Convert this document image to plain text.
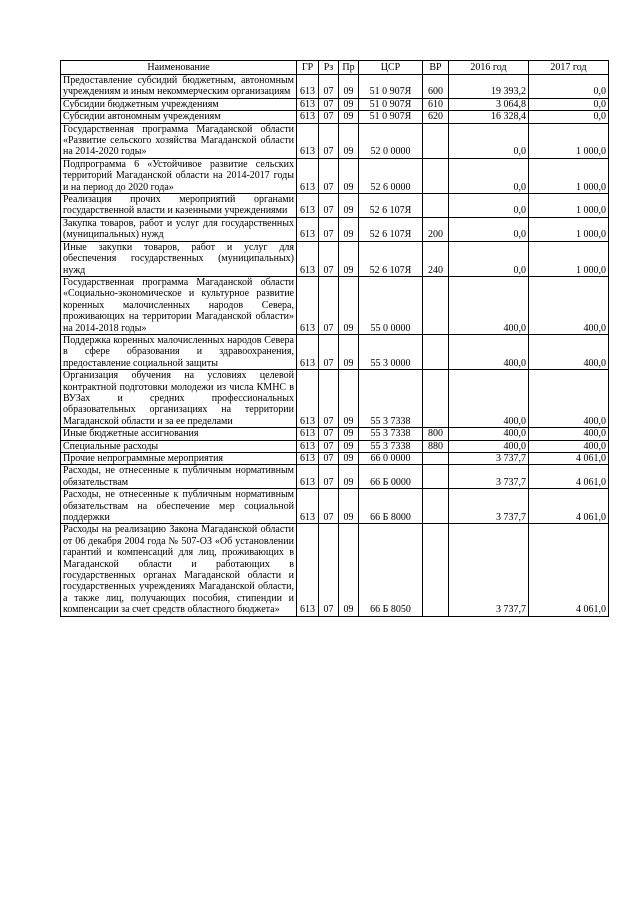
Наименование	ГР	Рз	Пр	ЦСР	ВР	2016 год	2017 год
Предоставление субсидий бюджетным, автономным учреждениям и иным некоммерческим организациям	613	07	09	51 0 907Я	600	19 393,2	0,0
Субсидии бюджетным учреждениям	613	07	09	51 0 907Я	610	3 064,8	0,0
Субсидии автономным учреждениям	613	07	09	51 0 907Я	620	16 328,4	0,0
Государственная программа Магаданской области «Развитие сельского хозяйства Магаданской области на 2014-2020 годы»	613	07	09	52 0 0000		0,0	1 000,0
Подпрограмма 6 «Устойчивое развитие сельских территорий Магаданской области на 2014-2017 годы и на период до 2020 года»	613	07	09	52 6 0000		0,0	1 000,0
Реализация прочих мероприятий органами государственной власти и казенными учреждениями	613	07	09	52 6 107Я		0,0	1 000,0
Закупка товаров, работ и услуг для государственных (муниципальных) нужд	613	07	09	52 6 107Я	200	0,0	1 000,0
Иные закупки товаров, работ и услуг для обеспечения государственных (муниципальных) нужд	613	07	09	52 6 107Я	240	0,0	1 000,0
Государственная программа Магаданской области «Социально-экономическое и культурное развитие коренных малочисленных народов Севера, проживающих на территории Магаданской области» на 2014-2018 годы»	613	07	09	55 0 0000		400,0	400,0
Поддержка коренных малочисленных народов Севера в сфере образования и здравоохранения, предоставление социальной защиты	613	07	09	55 3 0000		400,0	400,0
Организация обучения на условиях целевой контрактной подготовки молодежи из числа КМНС в ВУЗах и средних профессиональных образовательных организациях на территории Магаданской области и за ее пределами	613	07	09	55 3 7338		400,0	400,0
Иные бюджетные ассигнования	613	07	09	55 3 7338	800	400,0	400,0
Специальные расходы	613	07	09	55 3 7338	880	400,0	400,0
Прочие непрограммные мероприятия	613	07	09	66 0 0000		3 737,7	4 061,0
Расходы, не отнесенные к публичным нормативным обязательствам	613	07	09	66 Б 0000		3 737,7	4 061,0
Расходы, не отнесенные к публичным нормативным обязательствам на обеспечение мер социальной поддержки	613	07	09	66 Б 8000		3 737,7	4 061,0
Расходы на реализацию Закона Магаданской области от 06 декабря 2004 года № 507-ОЗ «Об установлении гарантий и компенсаций для лиц, проживающих в Магаданской области и работающих в государственных органах Магаданской области и государственных учреждениях Магаданской области, а также лиц, получающих пособия, стипендии и компенсации за счет средств областного бюджета»	613	07	09	66 Б 8050		3 737,7	4 061,0
